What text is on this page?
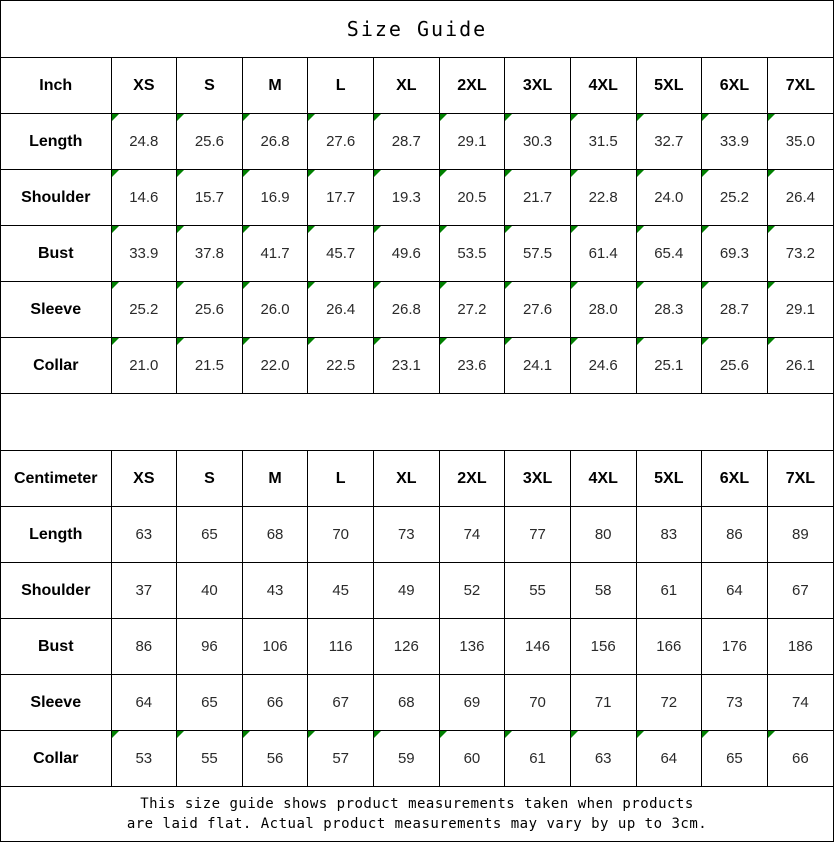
Size Guide
Inch	XS	S	M	L	XL	2XL	3XL	4XL	5XL	6XL	7XL
Length	24.8	25.6	26.8	27.6	28.7	29.1	30.3	31.5	32.7	33.9	35.0
Shoulder	14.6	15.7	16.9	17.7	19.3	20.5	21.7	22.8	24.0	25.2	26.4
Bust	33.9	37.8	41.7	45.7	49.6	53.5	57.5	61.4	65.4	69.3	73.2
Sleeve	25.2	25.6	26.0	26.4	26.8	27.2	27.6	28.0	28.3	28.7	29.1
Collar	21.0	21.5	22.0	22.5	23.1	23.6	24.1	24.6	25.1	25.6	26.1
Centimeter	XS	S	M	L	XL	2XL	3XL	4XL	5XL	6XL	7XL
Length	63	65	68	70	73	74	77	80	83	86	89
Shoulder	37	40	43	45	49	52	55	58	61	64	67
Bust	86	96	106	116	126	136	146	156	166	176	186
Sleeve	64	65	66	67	68	69	70	71	72	73	74
Collar	53	55	56	57	59	60	61	63	64	65	66
This size guide shows product measurements taken when products
are laid flat. Actual product measurements may vary by up to 3cm.
